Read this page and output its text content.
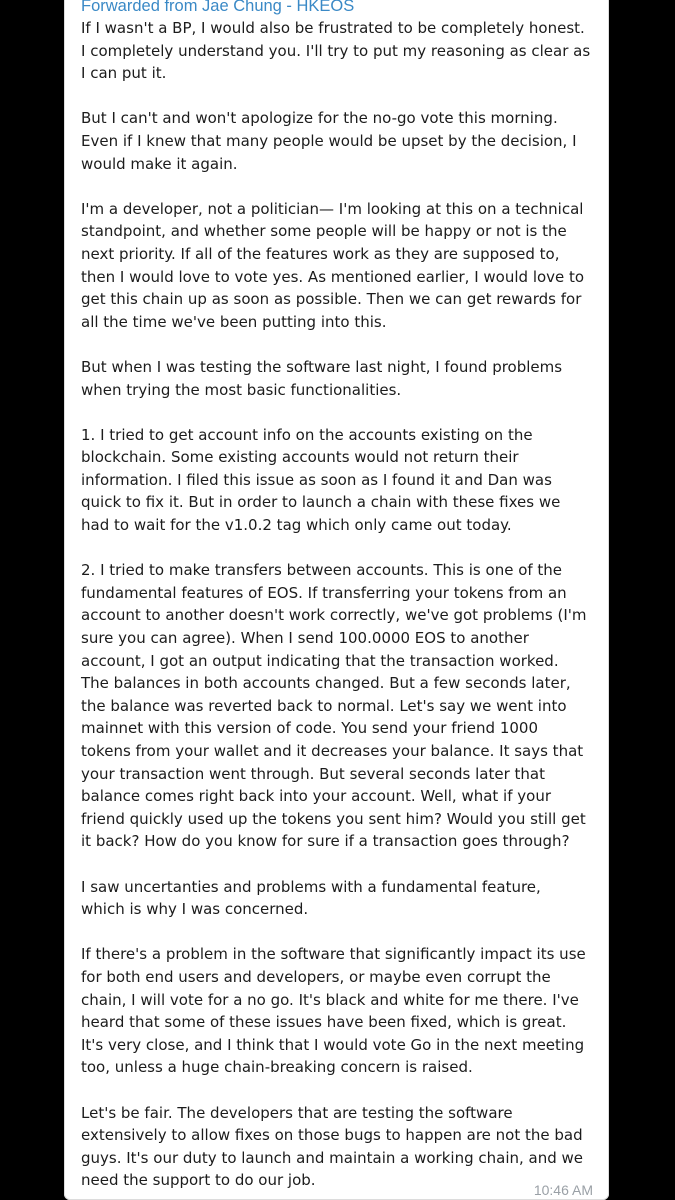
Forwarded from Jae Chung - HKEOS

If I wasn't a BP, I would also be frustrated to be completely honest.
I completely understand you. I'll try to put my reasoning as clear as
I can put it.

But I can't and won't apologize for the no-go vote this morning.
Even if I knew that many people would be upset by the decision, I
would make it again.

I'm a developer, not a politician— I'm looking at this on a technical
standpoint, and whether some people will be happy or not is the
next priority. If all of the features work as they are supposed to,
then I would love to vote yes. As mentioned earlier, I would love to
get this chain up as soon as possible. Then we can get rewards for
all the time we've been putting into this.

But when I was testing the software last night, I found problems
when trying the most basic functionalities.

1. I tried to get account info on the accounts existing on the
blockchain. Some existing accounts would not return their
information. I filed this issue as soon as I found it and Dan was
quick to fix it. But in order to launch a chain with these fixes we
had to wait for the v1.0.2 tag which only came out today.

2. I tried to make transfers between accounts. This is one of the
fundamental features of EOS. If transferring your tokens from an
account to another doesn't work correctly, we've got problems (I'm
sure you can agree). When I send 100.0000 EOS to another
account, I got an output indicating that the transaction worked.
The balances in both accounts changed. But a few seconds later,
the balance was reverted back to normal. Let's say we went into
mainnet with this version of code. You send your friend 1000
tokens from your wallet and it decreases your balance. It says that
your transaction went through. But several seconds later that
balance comes right back into your account. Well, what if your
friend quickly used up the tokens you sent him? Would you still get
it back? How do you know for sure if a transaction goes through?

I saw uncertanties and problems with a fundamental feature,
which is why I was concerned.

If there's a problem in the software that significantly impact its use
for both end users and developers, or maybe even corrupt the
chain, I will vote for a no go. It's black and white for me there. I've
heard that some of these issues have been fixed, which is great.
It's very close, and I think that I would vote Go in the next meeting
too, unless a huge chain-breaking concern is raised.

Let's be fair. The developers that are testing the software
extensively to allow fixes on those bugs to happen are not the bad
guys. It's our duty to launch and maintain a working chain, and we
need the support to do our job.

10:46 AM
